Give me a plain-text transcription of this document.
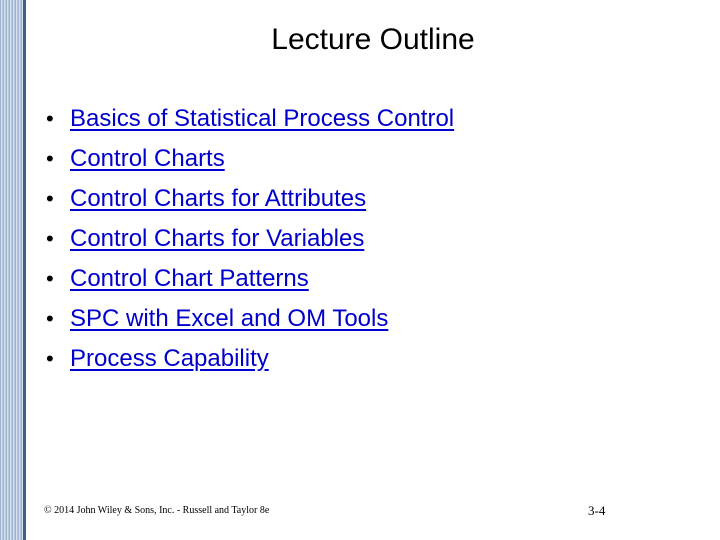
Lecture Outline
• Basics of Statistical Process Control
• Control Charts
• Control Charts for Attributes
• Control Charts for Variables
• Control Chart Patterns
• SPC with Excel and OM Tools
• Process Capability
© 2014 John Wiley & Sons, Inc. - Russell and Taylor 8e	3-4
